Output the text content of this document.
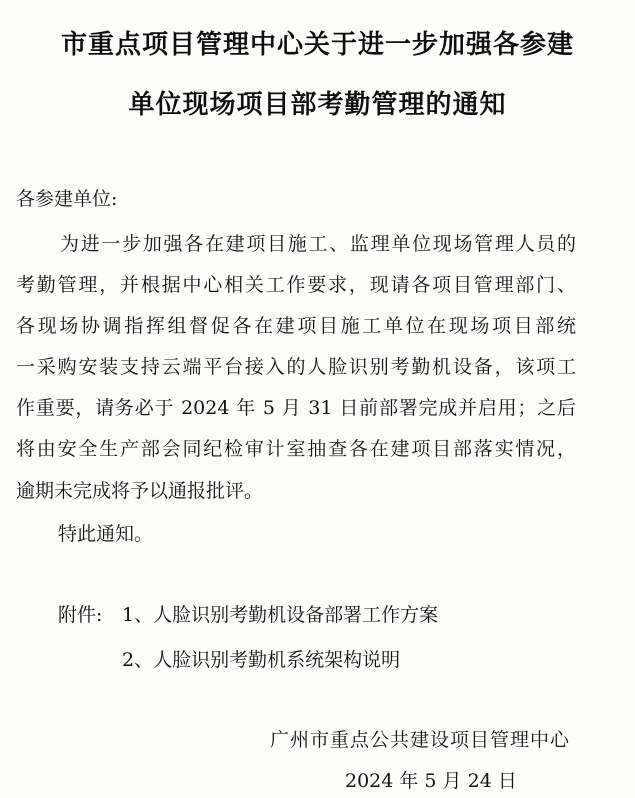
市重点项目管理中心关于进一步加强各参建
单位现场项目部考勤管理的通知
各参建单位:
为进一步加强各在建项目施工、监理单位现场管理人员的
考勤管理，并根据中心相关工作要求，现请各项目管理部门、
各现场协调指挥组督促各在建项目施工单位在现场项目部统
一采购安装支持云端平台接入的人脸识别考勤机设备，该项工
作重要，请务必于 2024 年 5 月 31 日前部署完成并启用；之后
将由安全生产部会同纪检审计室抽查各在建项目部落实情况，
逾期未完成将予以通报批评。
特此通知。
附件: 1、人脸识别考勤机设备部署工作方案
2、人脸识别考勤机系统架构说明
广州市重点公共建设项目管理中心
2024 年 5 月 24 日
